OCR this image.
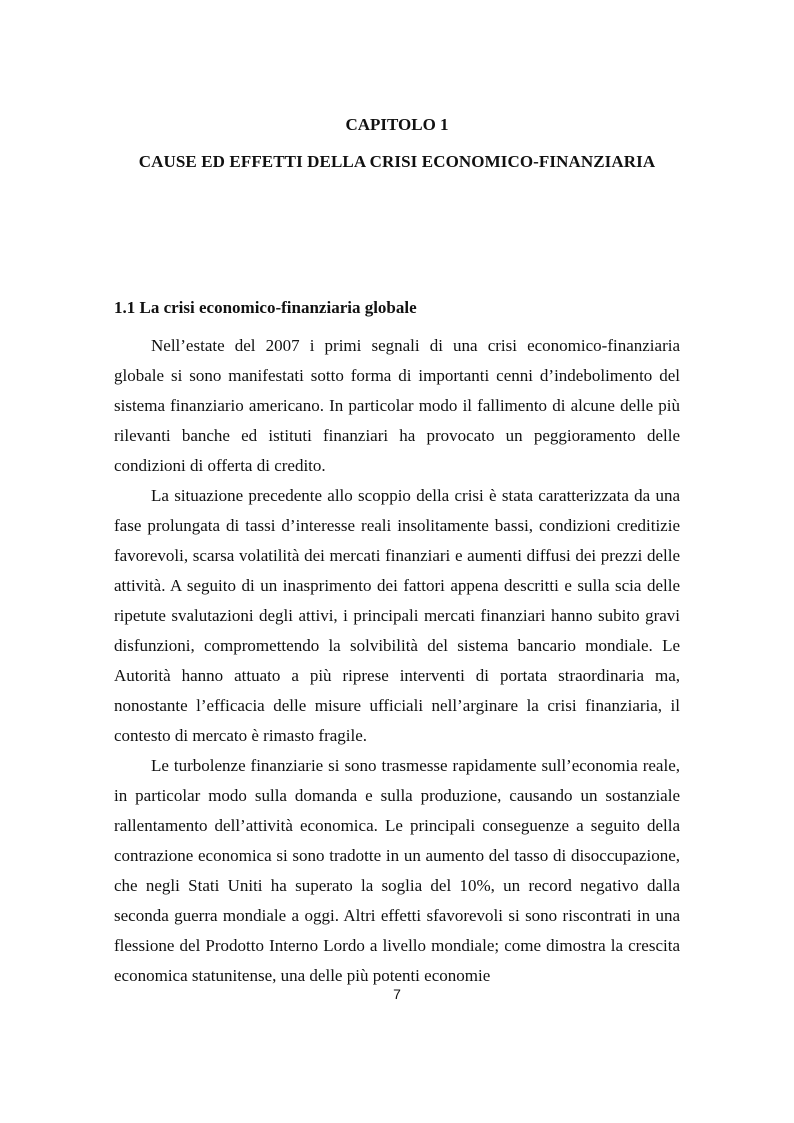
CAPITOLO 1
CAUSE ED EFFETTI DELLA CRISI ECONOMICO-FINANZIARIA
1.1 La crisi economico-finanziaria globale

Nell’estate del 2007 i primi segnali di una crisi economico-finanziaria globale si sono manifestati sotto forma di importanti cenni d’indebolimento del sistema finanziario americano. In particolar modo il fallimento di alcune delle più rilevanti banche ed istituti finanziari ha provocato un peggioramento delle condizioni di offerta di credito.

La situazione precedente allo scoppio della crisi è stata caratterizzata da una fase prolungata di tassi d’interesse reali insolitamente bassi, condizioni creditizie favorevoli, scarsa volatilità dei mercati finanziari e aumenti diffusi dei prezzi delle attività. A seguito di un inasprimento dei fattori appena descritti e sulla scia delle ripetute svalutazioni degli attivi, i principali mercati finanziari hanno subito gravi disfunzioni, compromettendo la solvibilità del sistema bancario mondiale. Le Autorità hanno attuato a più riprese interventi di portata straordinaria ma, nonostante l’efficacia delle misure ufficiali nell’arginare la crisi finanziaria, il contesto di mercato è rimasto fragile.

Le turbolenze finanziarie si sono trasmesse rapidamente sull’economia reale, in particolar modo sulla domanda e sulla produzione, causando un sostanziale rallentamento dell’attività economica. Le principali conseguenze a seguito della contrazione economica si sono tradotte in un aumento del tasso di disoccupazione, che negli Stati Uniti ha superato la soglia del 10%, un record negativo dalla seconda guerra mondiale a oggi. Altri effetti sfavorevoli si sono riscontrati in una flessione del Prodotto Interno Lordo a livello mondiale; come dimostra la crescita economica statunitense, una delle più potenti economie

7
